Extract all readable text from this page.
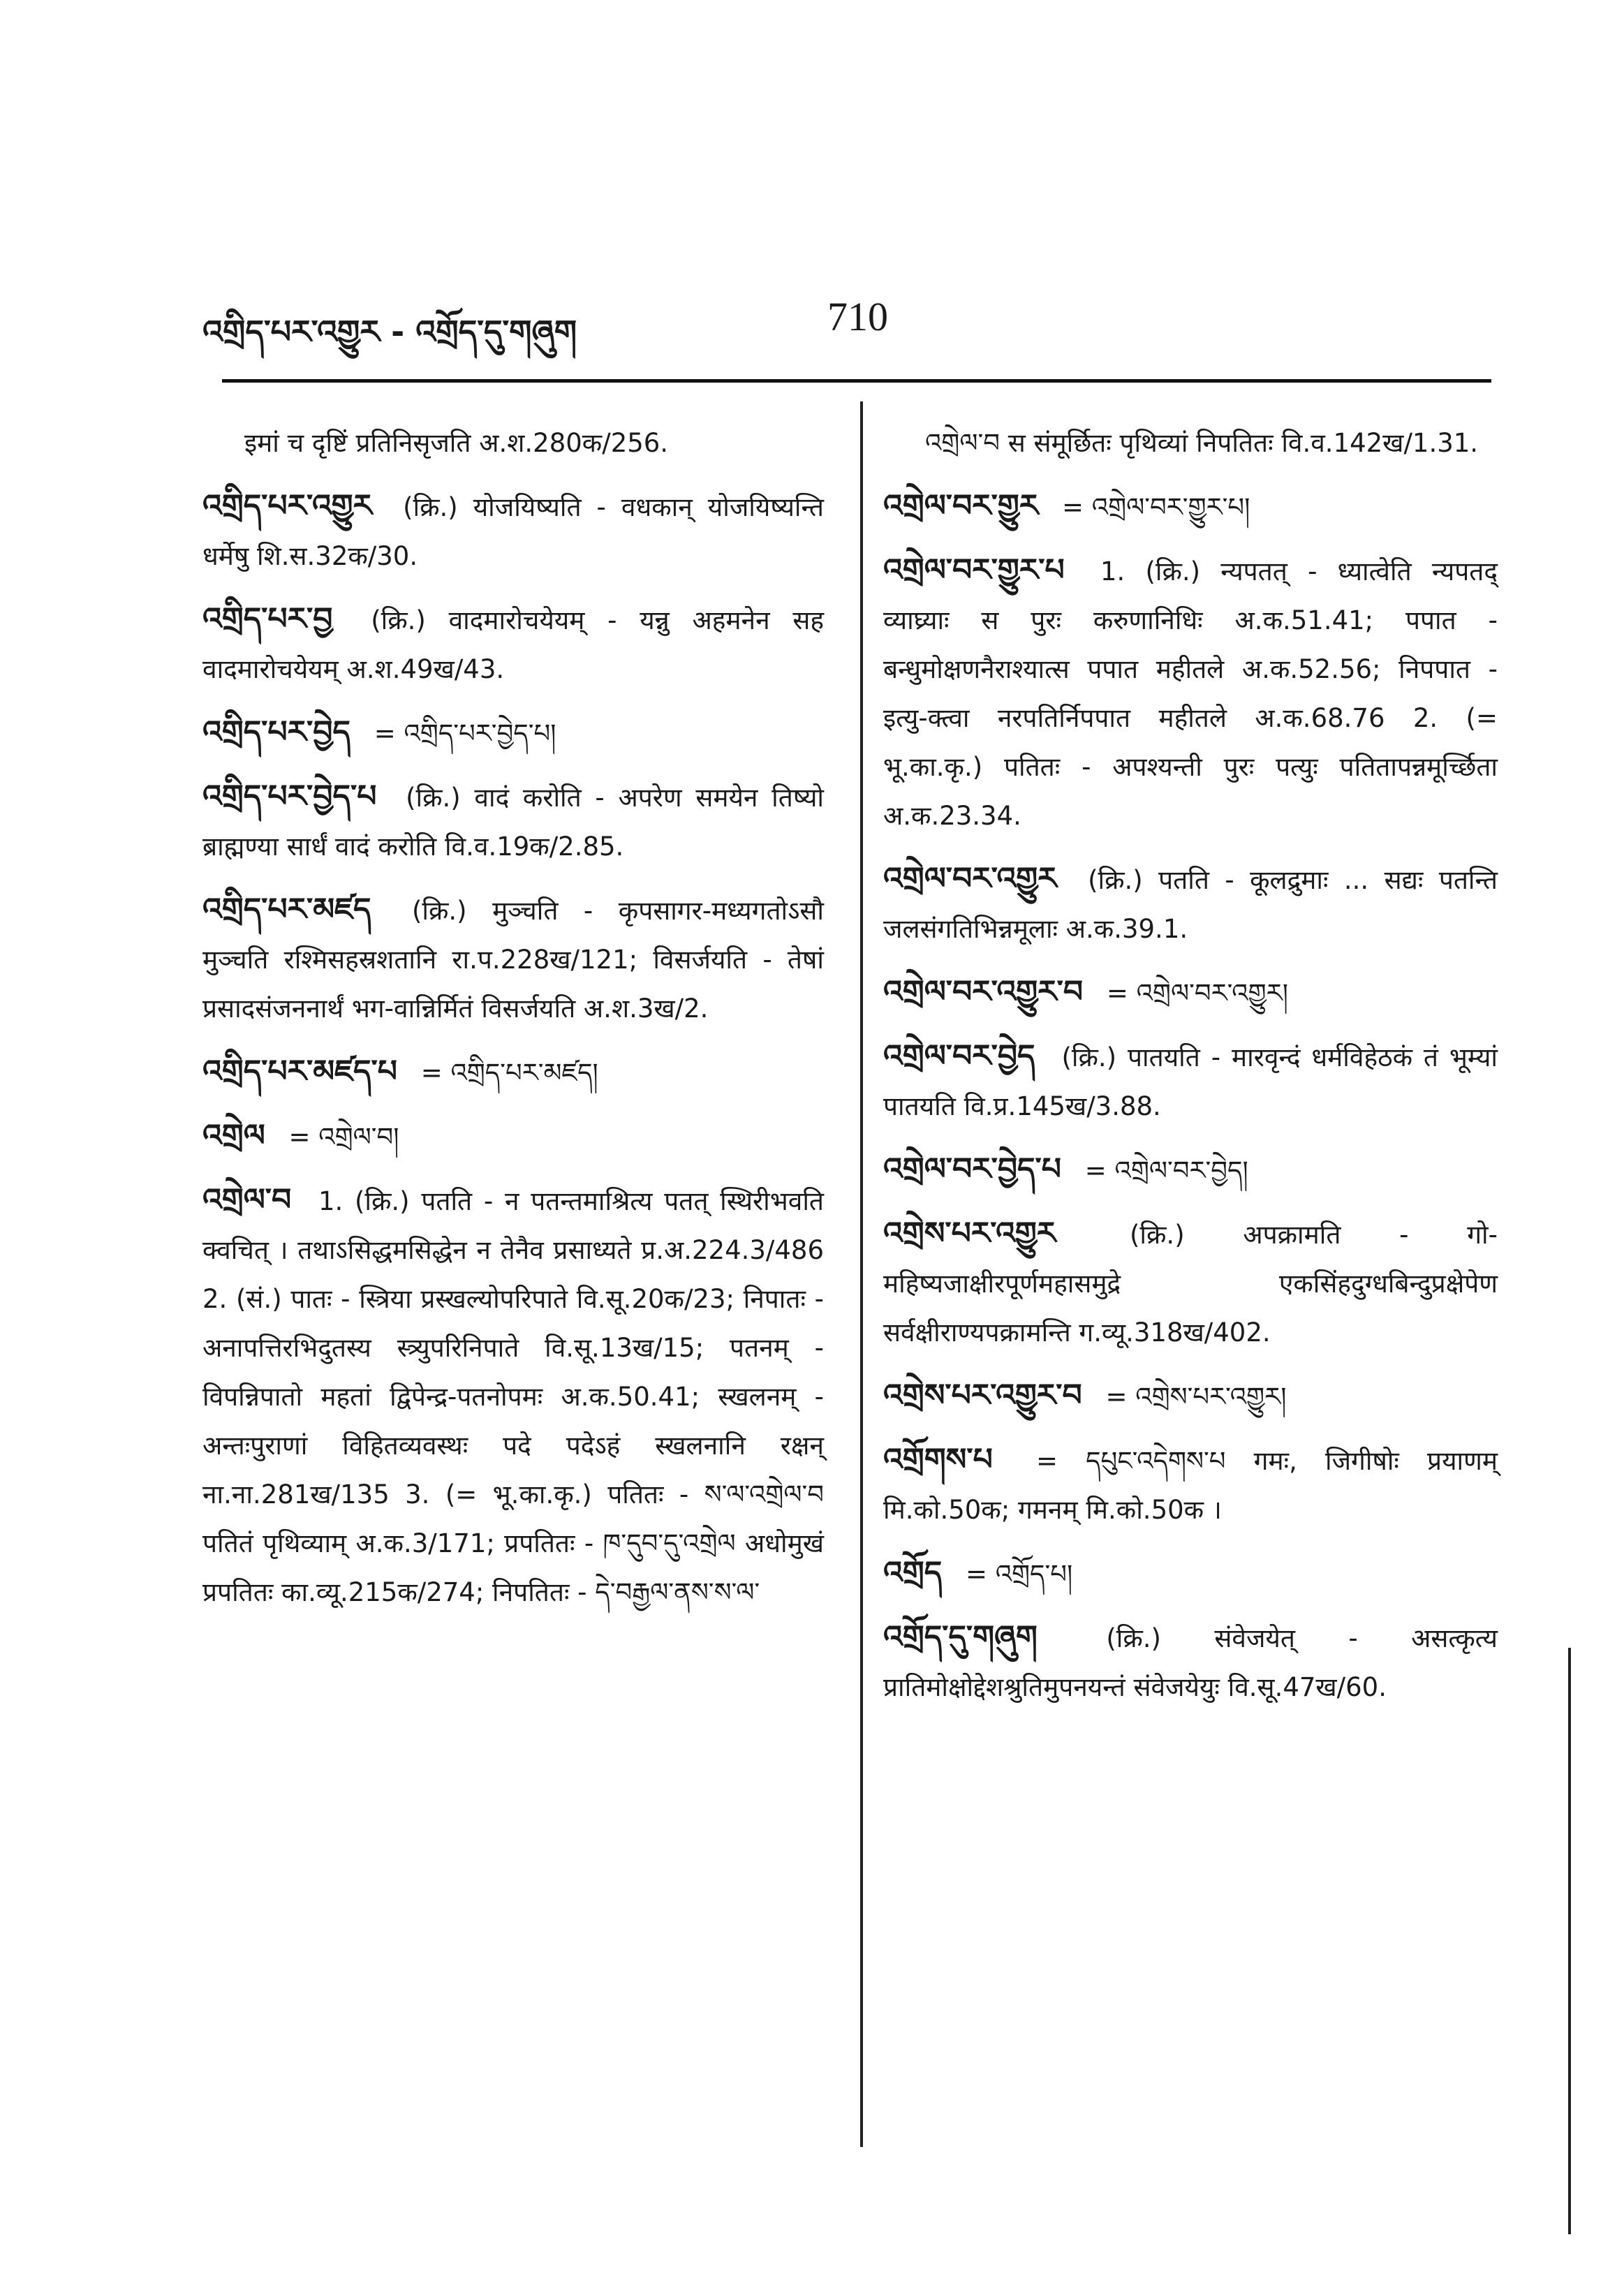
འགྲིད་པར་འགྱུར - འགྲོད་དུ་གཞུག	710
इमां च दृष्टिं प्रतिनिसृजति अ.श.280क/256.
འགྲིད་པར་འགྱུར (क्रि.) योजयिष्यति - वधकान् योजयिष्यन्ति धर्मेषु शि.स.32क/30.
འགྲིད་པར་བྱ (क्रि.) वादमारोचयेयम् - यन्नु अहमनेन सह वादमारोचयेयम् अ.श.49ख/43.
འགྲིད་པར་བྱེད = འགྲིད་པར་བྱེད་པ།
འགྲིད་པར་བྱེད་པ (क्रि.) वादं करोति - अपरेण समयेन तिष्यो ब्राह्मण्या सार्धं वादं करोति वि.व.19क/2.85.
འགྲིད་པར་མཛད (क्रि.) मुञ्चति - कृपसागर-मध्यगतोऽसौ मुञ्चति रश्मिसहस्रशतानि रा.प.228ख/121; विसर्जयति - तेषां प्रसादसंजननार्थं भग-वान्निर्मितं विसर्जयति अ.श.3ख/2.
འགྲིད་པར་མཛད་པ = འགྲིད་པར་མཛད།
འགྲེལ = འགྲེལ་བ།
འགྲེལ་བ 1. (क्रि.) पतति - न पतन्तमाश्रित्य पतत् स्थिरीभवति क्वचित् । तथाऽसिद्धमसिद्धेन न तेनैव प्रसाध्यते प्र.अ.224.3/486 2. (सं.) पातः - स्त्रिया प्रस्खल्योपरिपाते वि.सू.20क/23; निपातः - अनापत्तिरभिदुतस्य स्त्र्युपरिनिपाते वि.सू.13ख/15; पतनम् - विपन्निपातो महतां द्विपेन्द्र-पतनोपमः अ.क.50.41; स्खलनम् - अन्तःपुराणां विहितव्यवस्थः पदे पदेऽहं स्खलनानि रक्षन् ना.ना.281ख/135 3. (= भू.का.कृ.) पतितः - ས་ལ་འགྲེལ་བ पतितं पृथिव्याम् अ.क.3/171; प्रपतितः - ཁ་དུབ་དུ་འགྲེལ अधोमुखं प्रपतितः का.व्यू.215क/274; निपतितः - དེ་བརྒྱལ་ནས་ས་ལ་
འགྲེལ་བ स संमूर्छितः पृथिव्यां निपतितः वि.व.142ख/1.31.
འགྲེལ་བར་གྱུར = འགྲེལ་བར་གྱུར་པ།
འགྲེལ་བར་གྱུར་པ 1. (क्रि.) न्यपतत् - ध्यात्वेति न्यपतद् व्याघ्र्याः स पुरः करुणानिधिः अ.क.51.41; पपात - बन्धुमोक्षणनैराश्यात्स पपात महीतले अ.क.52.56; निपपात - इत्यु-क्त्वा नरपतिर्निपपात महीतले अ.क.68.76 2. (= भू.का.कृ.) पतितः - अपश्यन्ती पुरः पत्युः पतितापन्नमूर्च्छिता अ.क.23.34.
འགྲེལ་བར་འགྱུར (क्रि.) पतति - कूलद्रुमाः ... सद्यः पतन्ति जलसंगतिभिन्नमूलाः अ.क.39.1.
འགྲེལ་བར་འགྱུར་བ = འགྲེལ་བར་འགྱུར།
འགྲེལ་བར་བྱེད (क्रि.) पातयति - मारवृन्दं धर्मविहेठकं तं भूम्यां पातयति वि.प्र.145ख/3.88.
འགྲེལ་བར་བྱེད་པ = འགྲེལ་བར་བྱེད།
འགྲེས་པར་འགྱུར	(क्रि.) अपक्रामति - गो-महिष्यजाक्षीरपूर्णमहासमुद्रे एकसिंहदुग्धबिन्दुप्रक्षेपेण सर्वक्षीराण्यपक्रामन्ति ग.व्यू.318ख/402.
འགྲེས་པར་འགྱུར་བ = འགྲེས་པར་འགྱུར།
འགྲོགས་པ = དཔུང་འདེགས་པ गमः, जिगीषोः प्रयाणम् मि.को.50क; गमनम् मि.को.50क ।
འགྲོད = འགྲོད་པ།
འགྲོད་དུ་གཞུག	(क्रि.) संवेजयेत् - असत्कृत्य प्रातिमोक्षोद्देशश्रुतिमुपनयन्तं संवेजयेयुः वि.सू.47ख/60.
